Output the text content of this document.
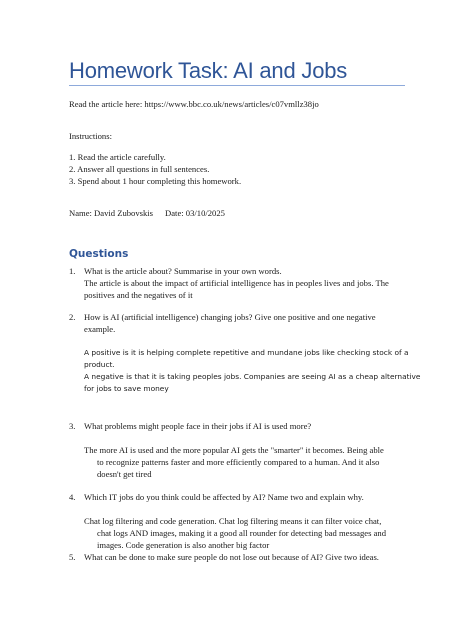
Homework Task: AI and Jobs
Read the article here: https://www.bbc.co.uk/news/articles/c07vmllz38jo
Instructions:
1. Read the article carefully.
2. Answer all questions in full sentences.
3. Spend about 1 hour completing this homework.
Name: David Zubovskis Date: 03/10/2025
Questions
1. What is the article about? Summarise in your own words.
The article is about the impact of artificial intelligence has in peoples lives and jobs. The
positives and the negatives of it
2. How is AI (artificial intelligence) changing jobs? Give one positive and one negative
example.
A positive is it is helping complete repetitive and mundane jobs like checking stock of a
product.
A negative is that it is taking peoples jobs. Companies are seeing AI as a cheap alternative
for jobs to save money
3. What problems might people face in their jobs if AI is used more?
The more AI is used and the more popular AI gets the "smarter" it becomes. Being able
to recognize patterns faster and more efficiently compared to a human. And it also
doesn't get tired
4. Which IT jobs do you think could be affected by AI? Name two and explain why.
Chat log filtering and code generation. Chat log filtering means it can filter voice chat,
chat logs AND images, making it a good all rounder for detecting bad messages and
images. Code generation is also another big factor
5. What can be done to make sure people do not lose out because of AI? Give two ideas.
